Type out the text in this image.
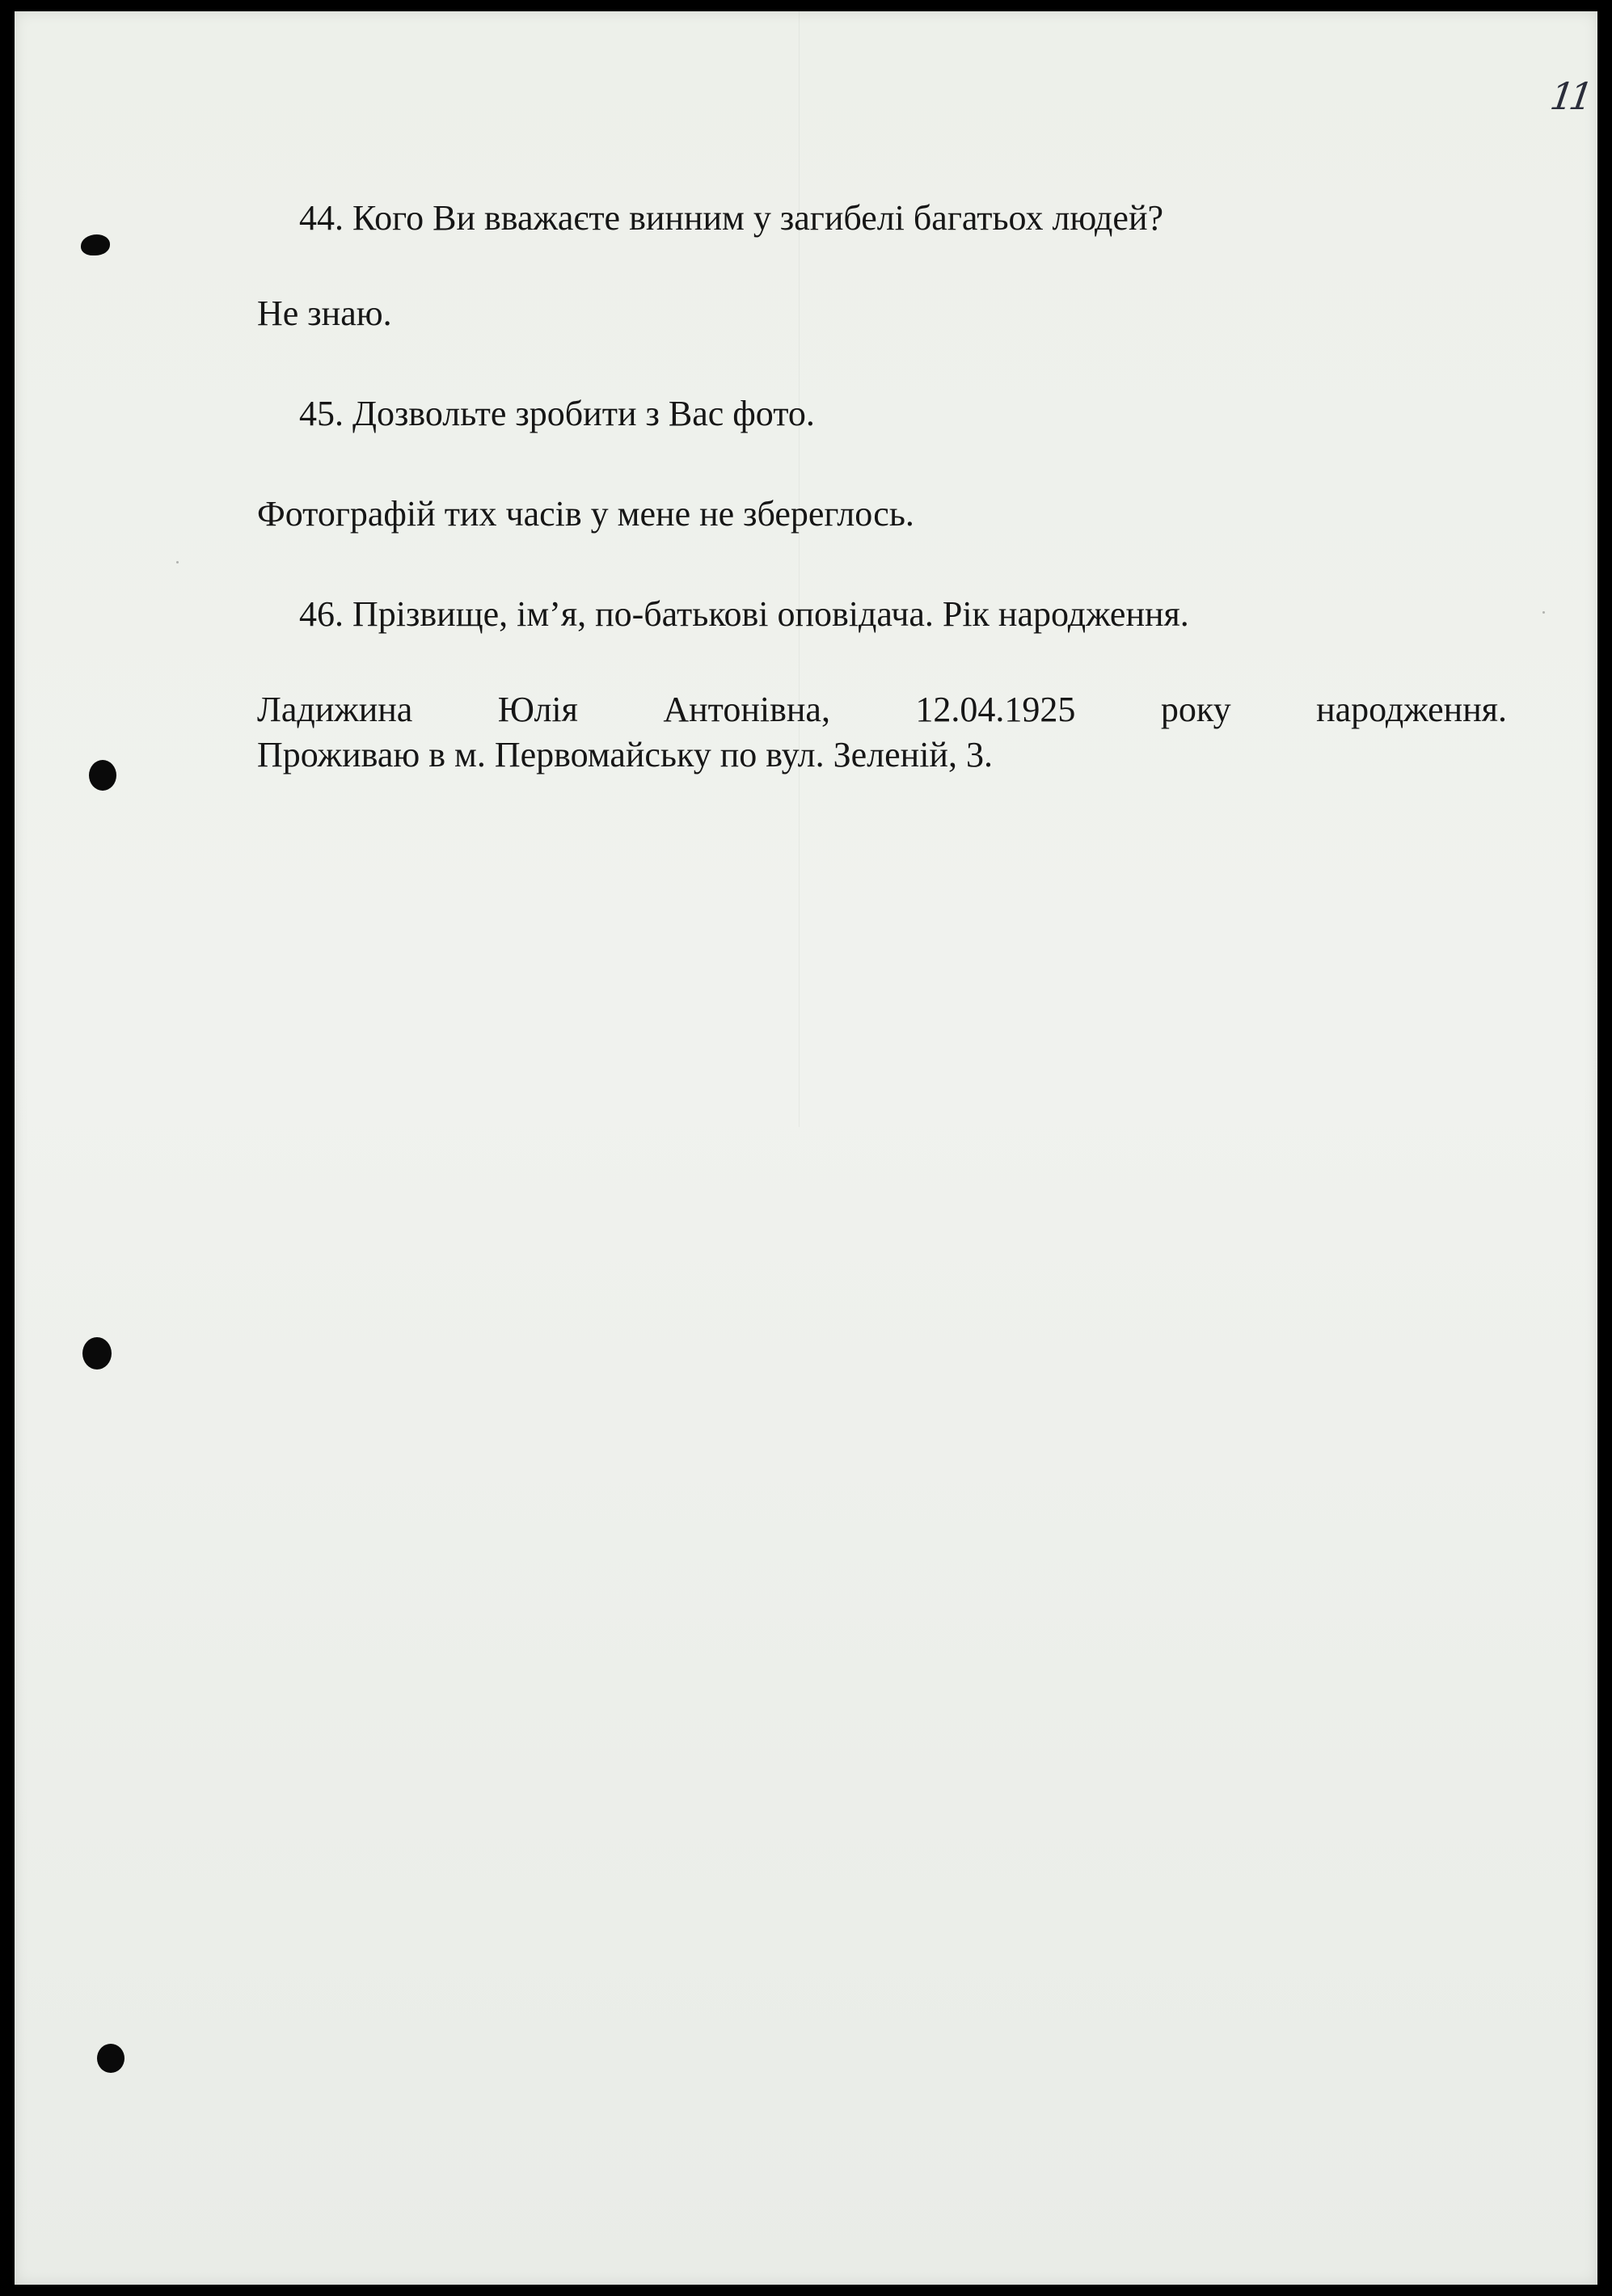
11
44. Кого Ви вважаєте винним у загибелі багатьох людей?
Не знаю.
45. Дозвольте зробити з Вас фото.
Фотографій тих часів у мене не збереглось.
46. Прізвище, ім’я, по-батькові оповідача. Рік народження.
Ладижина Юлія Антонівна, 12.04.1925 року народження.
Проживаю в м. Первомайську по вул. Зеленій, 3.
